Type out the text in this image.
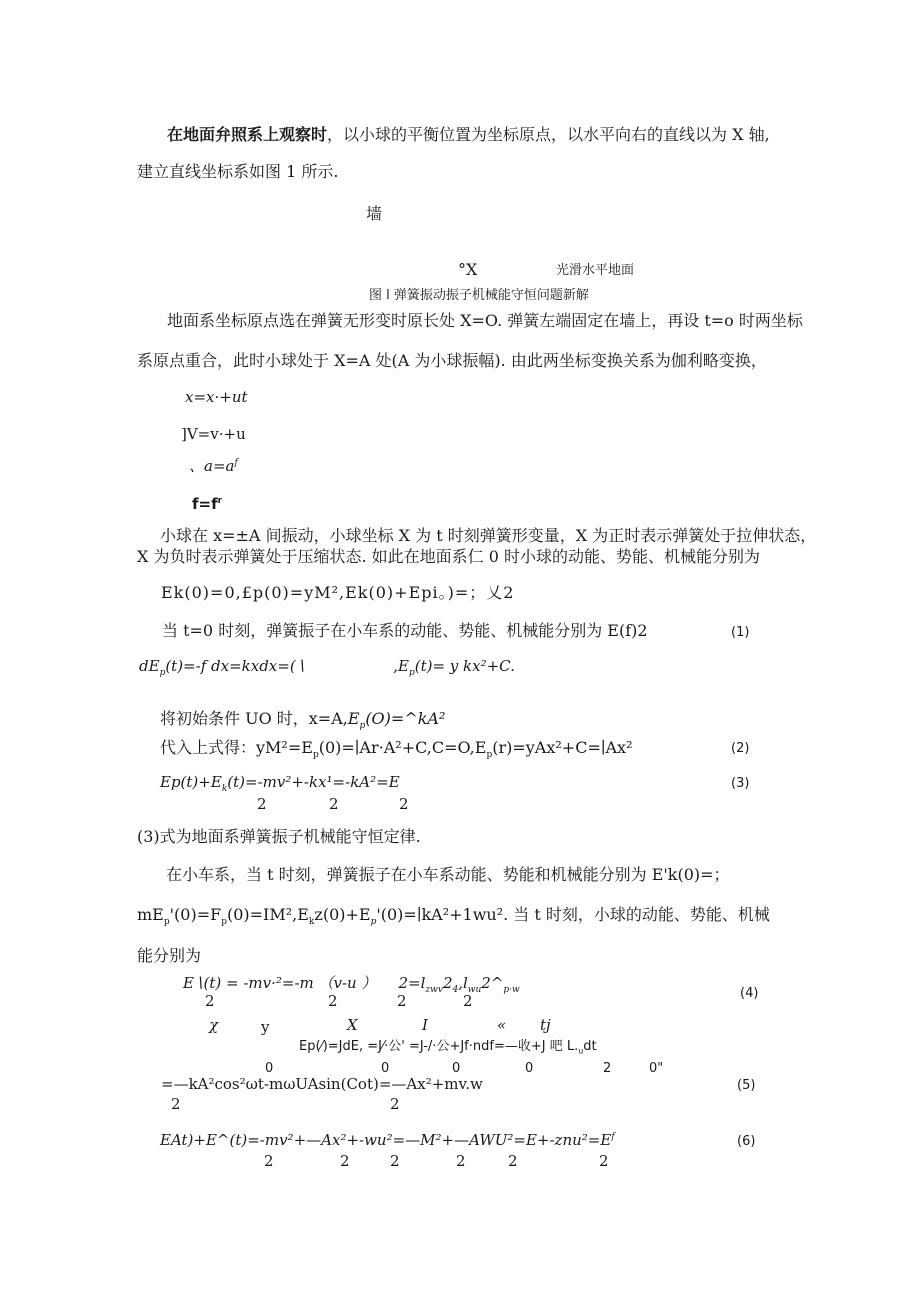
在地面弁照系上观察时，以小球的平衡位置为坐标原点，以水平向右的直线以为 X 轴,
建立直线坐标系如图 1 所示.
墙
°X	光滑水平地面
图 l 弹簧振动振子机械能守恒问题新解
地面系坐标原点选在弹簧无形变时原长处 X=O. 弹簧左端固定在墙上，再设 t=o 时两坐标
系原点重合，此时小球处于 X=A 处(A 为小球振幅). 由此两坐标变换关系为伽利略变换，
x=x·+ut
]V=v·+u
、$a=a^f$
$f=f^r$
小球在 x=±A 间振动，小球坐标 X 为 t 时刻弹簧形变量，X 为正时表示弹簧处于拉伸状态，
X 为负时表示弹簧处于压缩状态. 如此在地面系仁 0 时小球的动能、势能、机械能分别为
Ek(0)=0,£p(0)=yM²,Ek(0)+Epi。)=；乂2
当 t=0 时刻，弹簧振子在小车系的动能、势能、机械能分别为 E(f)2	(1)
$dE_p(t)=-f$ dx=kxdx=(∖	$,E_p(t)= y$ kx²+C.
将初始条件 UO 时，$x=A,E_p(O)=\^{}kA^2$
代入上式得：$yM^2=E_p(0)=∣Ar\cdot A^2+C,C=O,E_p(r)=yAx^2+C=∣Ax^2$	(2)
$Ep(t)+E_k(t)=-mv^2+-kx^1=-kA^2=E$	(3)
2	2	2
(3)式为地面系弹簧振子机械能守恒定律.
在小车系，当 t 时刻，弹簧振子在小车系动能、势能和机械能分别为 E'k(0)=；
$mE_p'(0)=F_p(0)=IM^2,E_kz(0)+E_p'(0)=∣kA^2+1wu^2$. 当 t 时刻，小球的动能、势能、机械
能分别为
E∖(t) = -mv·²=-m （v-u ） $2=l_{zwv}2_4,l_{wu}2\^{}_{p\cdot w}$	(4)
2	2	2	2
χ	y	X	I	« tj
Ep(⁄)=JdE, =J⁄·公' =J-/·公+Jf·ndf=—收+J 吧 $L._udt$
0	0	0	0	2	0"
=—kA²cos²ωt-mωUAsin(Cot)=—Ax²+mv.w	(5)
2	2
$EAt)+E\^{}(t)=-mv^2+—Ax^2+-wu^2=—M^2+—AWU^2=E+-znu^2=E^f$	(6)
2	2	2	2	2	2
